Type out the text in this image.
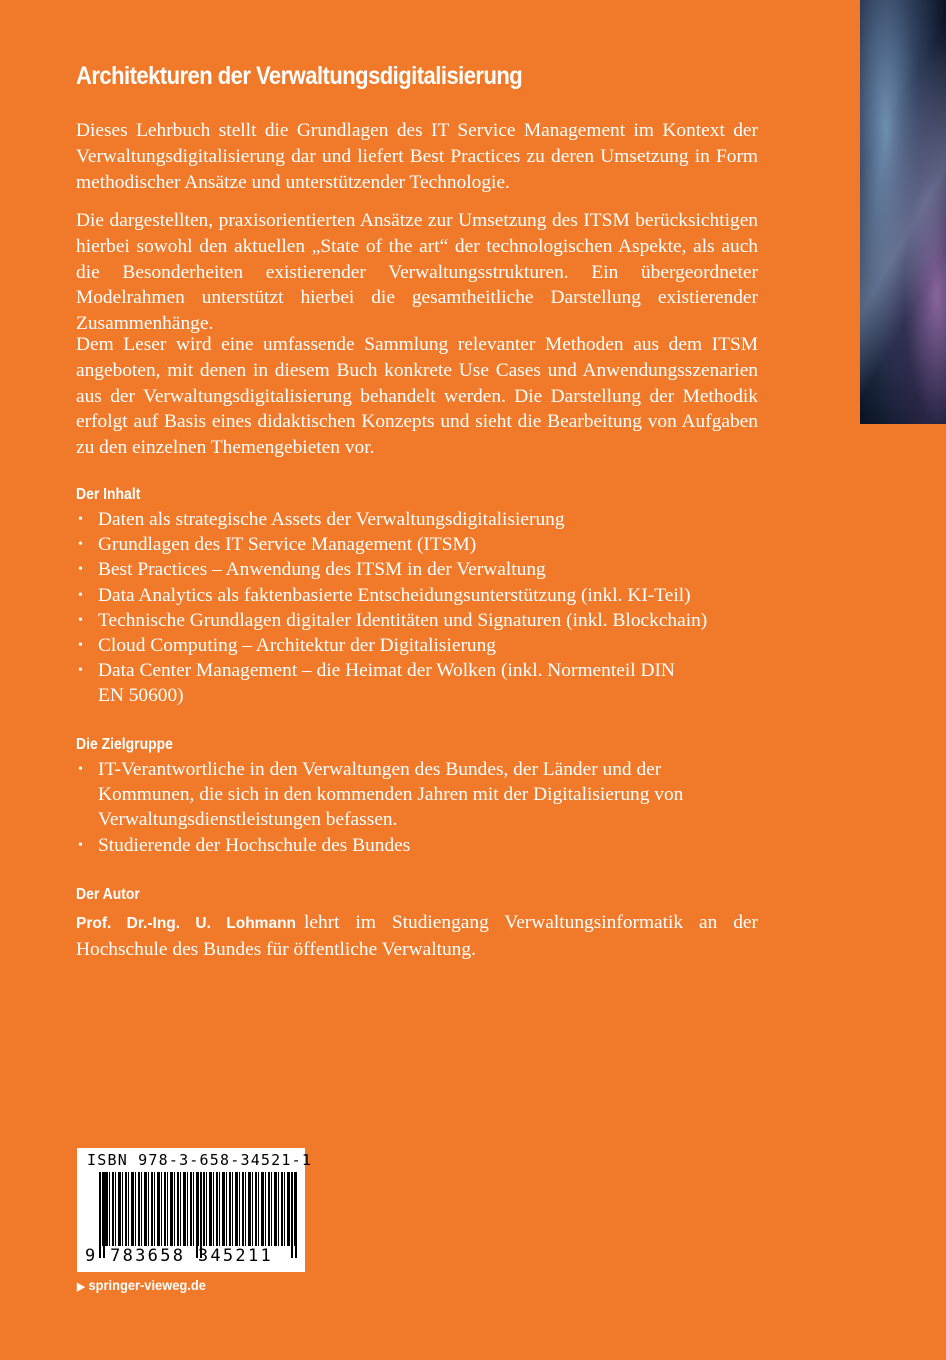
Architekturen der Verwaltungsdigitalisierung

Dieses Lehrbuch stellt die Grundlagen des IT Service Management im Kontext der Verwaltungsdigitalisierung dar und liefert Best Practices zu deren Umsetzung in Form methodischer Ansätze und unterstützender Technologie.

Die dargestellten, praxisorientierten Ansätze zur Umsetzung des ITSM berücksichtigen hierbei sowohl den aktuellen „State of the art“ der technologischen Aspekte, als auch die Besonderheiten existierender Verwaltungsstrukturen. Ein übergeordneter Modelrahmen unterstützt hierbei die gesamtheitliche Darstellung existierender Zusammenhänge.

Dem Leser wird eine umfassende Sammlung relevanter Methoden aus dem ITSM angeboten, mit denen in diesem Buch konkrete Use Cases und Anwendungsszenarien aus der Verwaltungsdigitalisierung behandelt werden. Die Darstellung der Methodik erfolgt auf Basis eines didaktischen Konzepts und sieht die Bearbeitung von Aufgaben zu den einzelnen Themengebieten vor.

Der Inhalt
• Daten als strategische Assets der Verwaltungsdigitalisierung
• Grundlagen des IT Service Management (ITSM)
• Best Practices – Anwendung des ITSM in der Verwaltung
• Data Analytics als faktenbasierte Entscheidungsunterstützung (inkl. KI-Teil)
• Technische Grundlagen digitaler Identitäten und Signaturen (inkl. Blockchain)
• Cloud Computing – Architektur der Digitalisierung
• Data Center Management – die Heimat der Wolken (inkl. Normenteil DIN EN 50600)
Die Zielgruppe
• IT-Verantwortliche in den Verwaltungen des Bundes, der Länder und der Kommunen, die sich in den kommenden Jahren mit der Digitalisierung von Verwaltungsdienstleistungen befassen.
• Studierende der Hochschule des Bundes
Der Autor

Prof. Dr.-Ing. U. Lohmann lehrt im Studiengang Verwaltungsinformatik an der Hochschule des Bundes für öffentliche Verwaltung.

ISBN 978-3-658-34521-1
9 783658 345211
▶ springer-vieweg.de
